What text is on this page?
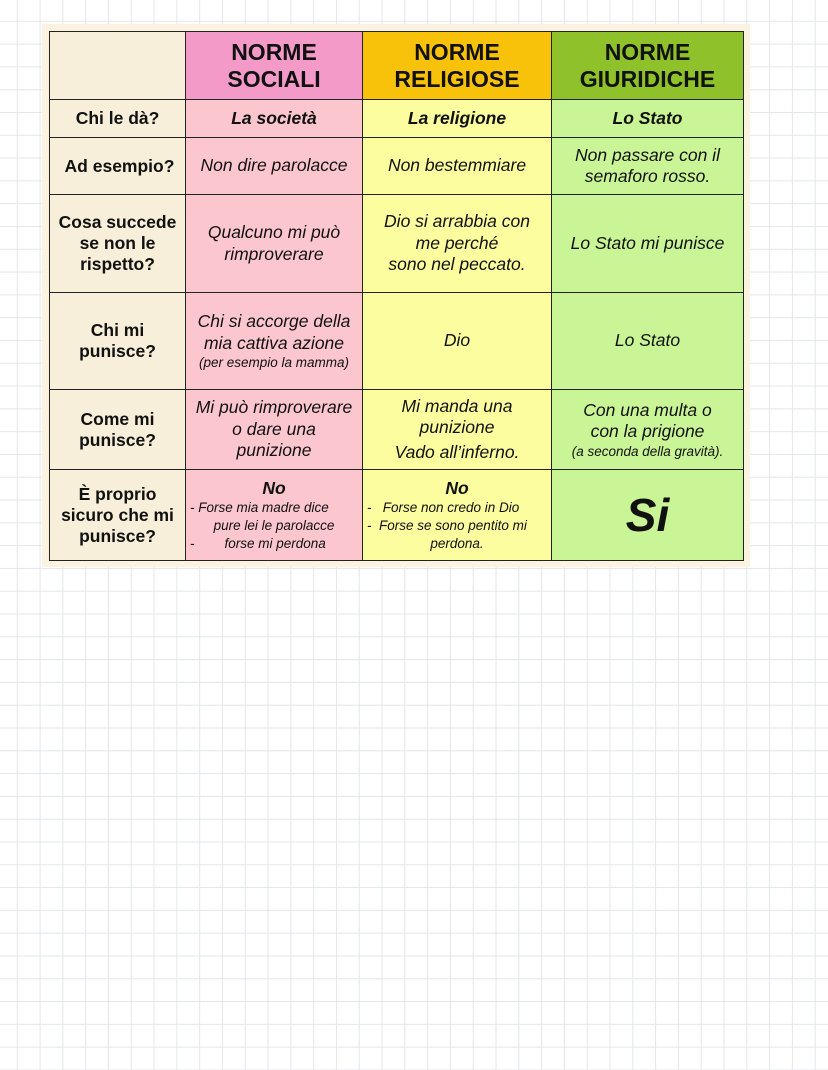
	NORME
SOCIALI	NORME
RELIGIOSE	NORME
GIURIDICHE

Chi le dà?	La società	La religione	Lo Stato
Ad esempio?	Non dire parolacce	Non bestemmiare	Non passare con il
semaforo rosso.

Cosa succede
se non le
rispetto?	Qualcuno mi può
rimproverare	Dio si arrabbia con
me perché
sono nel peccato.	Lo Stato mi punisce

Chi mi
punisce?	Chi si accorge della
mia cattiva azione
(per esempio la mamma)	Dio	Lo Stato

Come mi
punisce?	Mi può rimproverare
o dare una
punizione	Mi manda una
punizione
Vado all’inferno.	Con una multa o
con la prigione
(a seconda della gravità).

È proprio
sicuro che mi
punisce?	No
- Forse mia madre dice
pure lei le parolacce
-        forse mi perdona	No
-   Forse non credo in Dio
-  Forse se sono pentito mi
perdona.	Si
